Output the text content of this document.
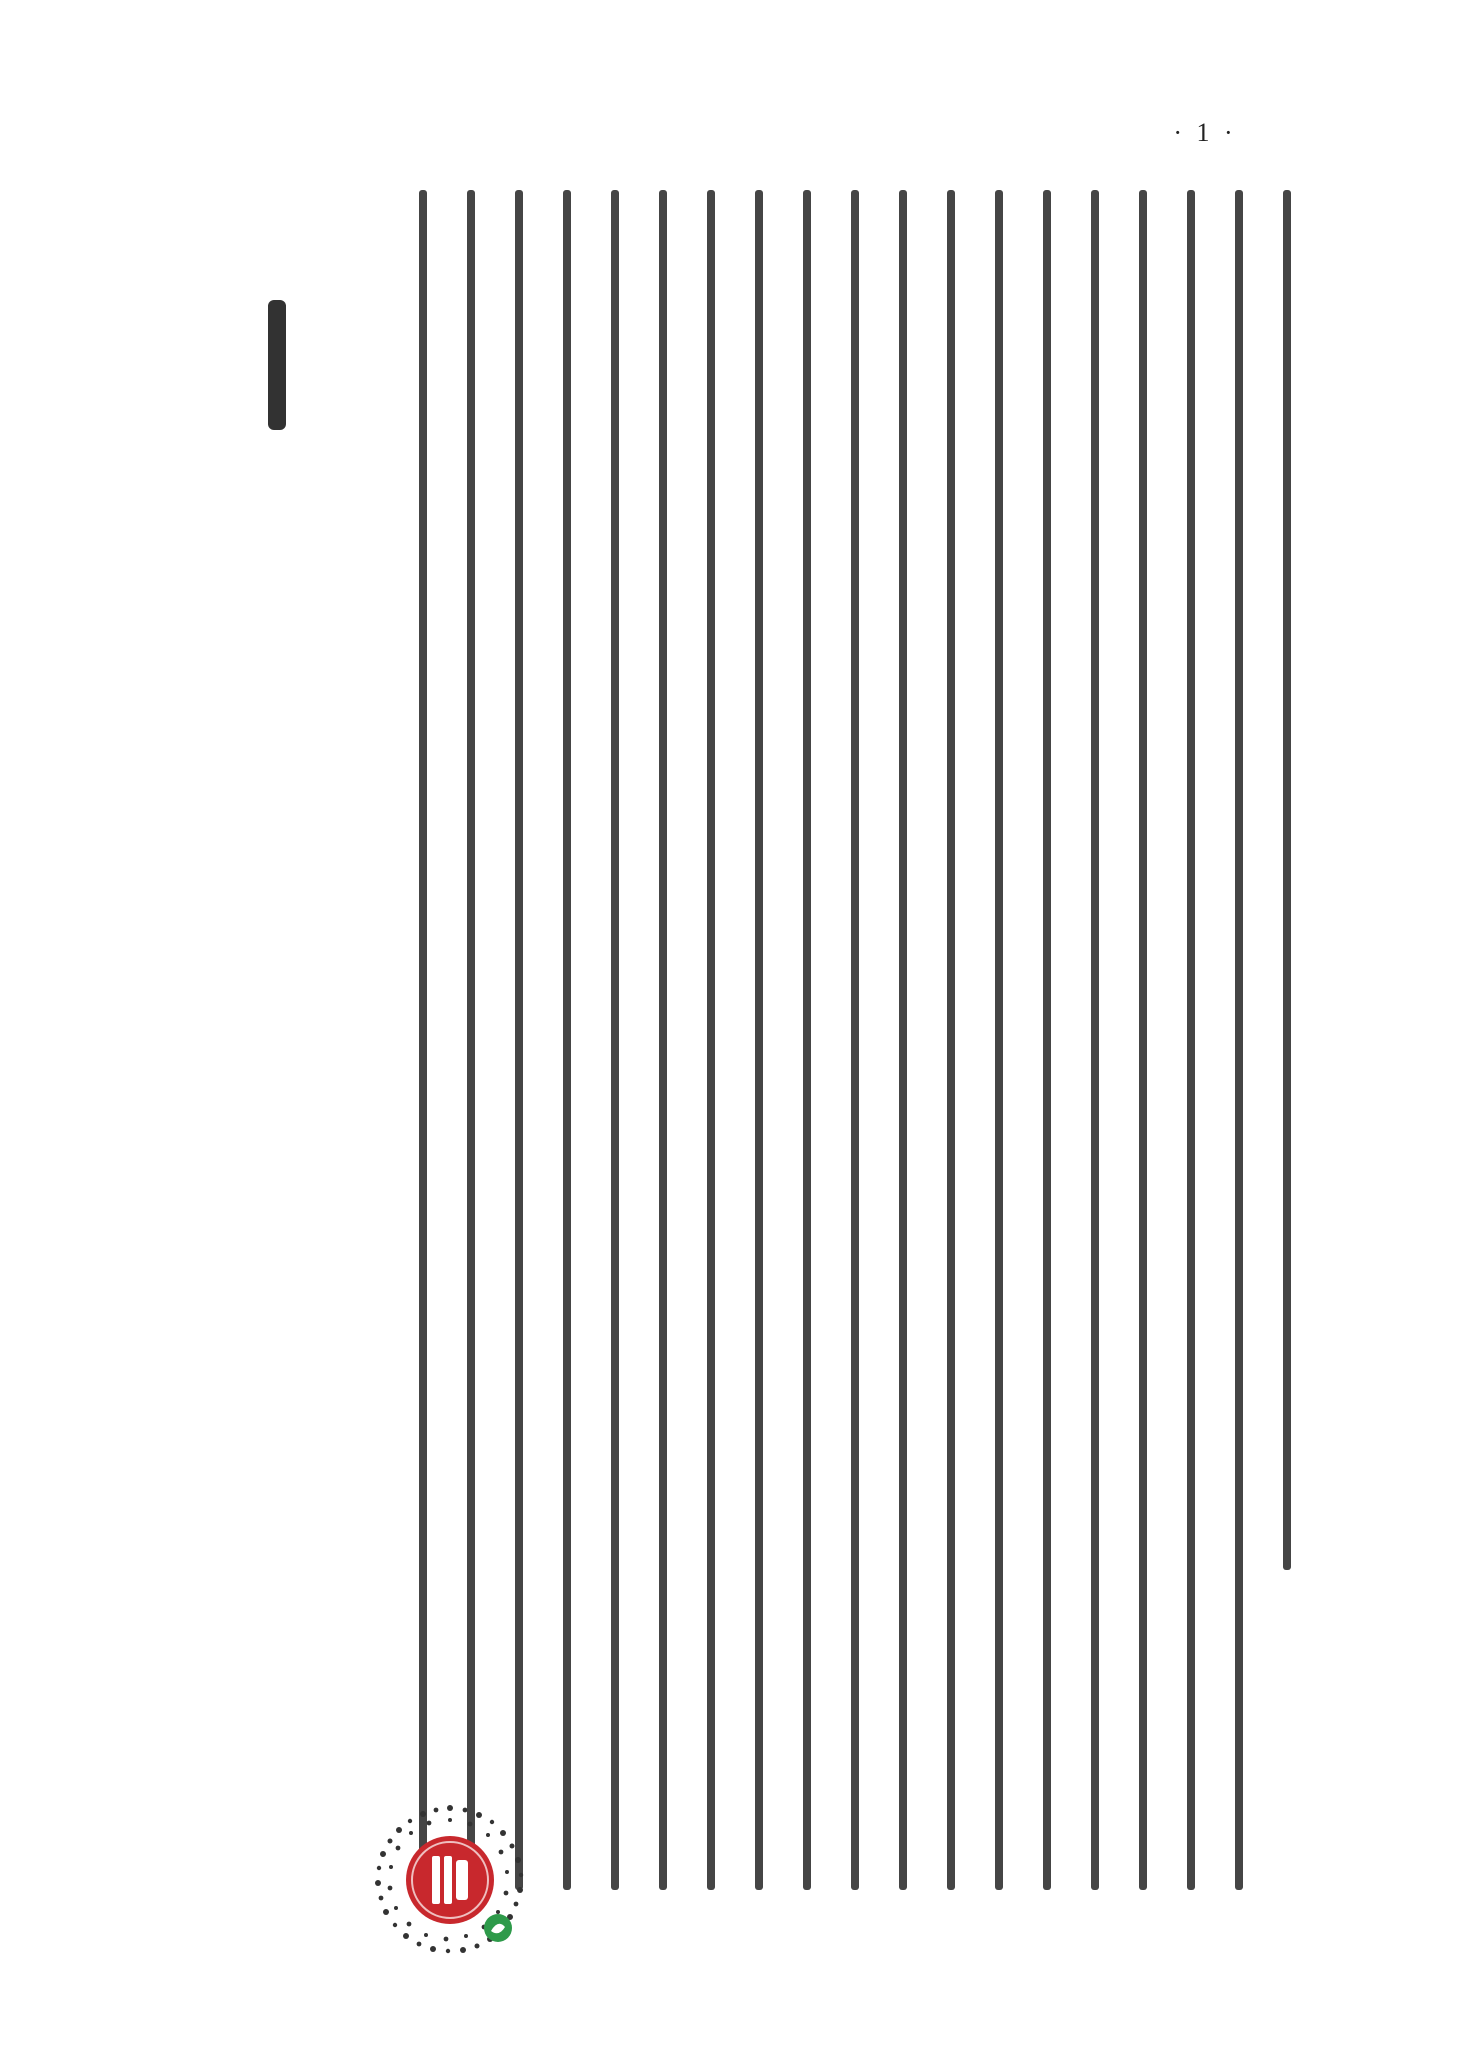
· 1 ·
